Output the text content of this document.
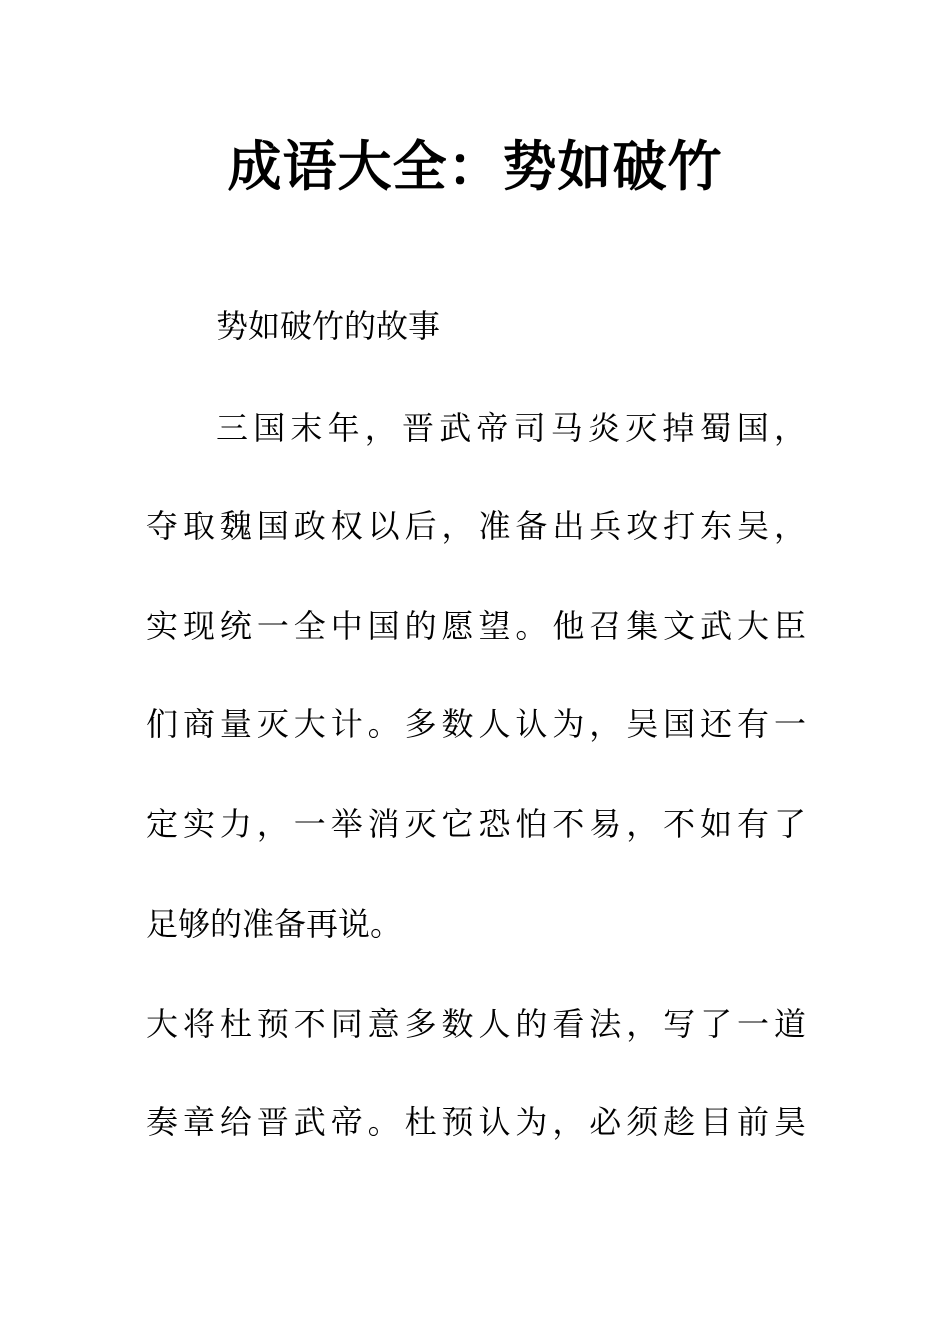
成语大全：势如破竹

势如破竹的故事

三国末年，晋武帝司马炎灭掉蜀国，

夺取魏国政权以后，准备出兵攻打东吴，

实现统一全中国的愿望。他召集文武大臣

们商量灭大计。多数人认为，吴国还有一

定实力，一举消灭它恐怕不易，不如有了

足够的准备再说。

大将杜预不同意多数人的看法，写了一道

奏章给晋武帝。杜预认为，必须趁目前昊
